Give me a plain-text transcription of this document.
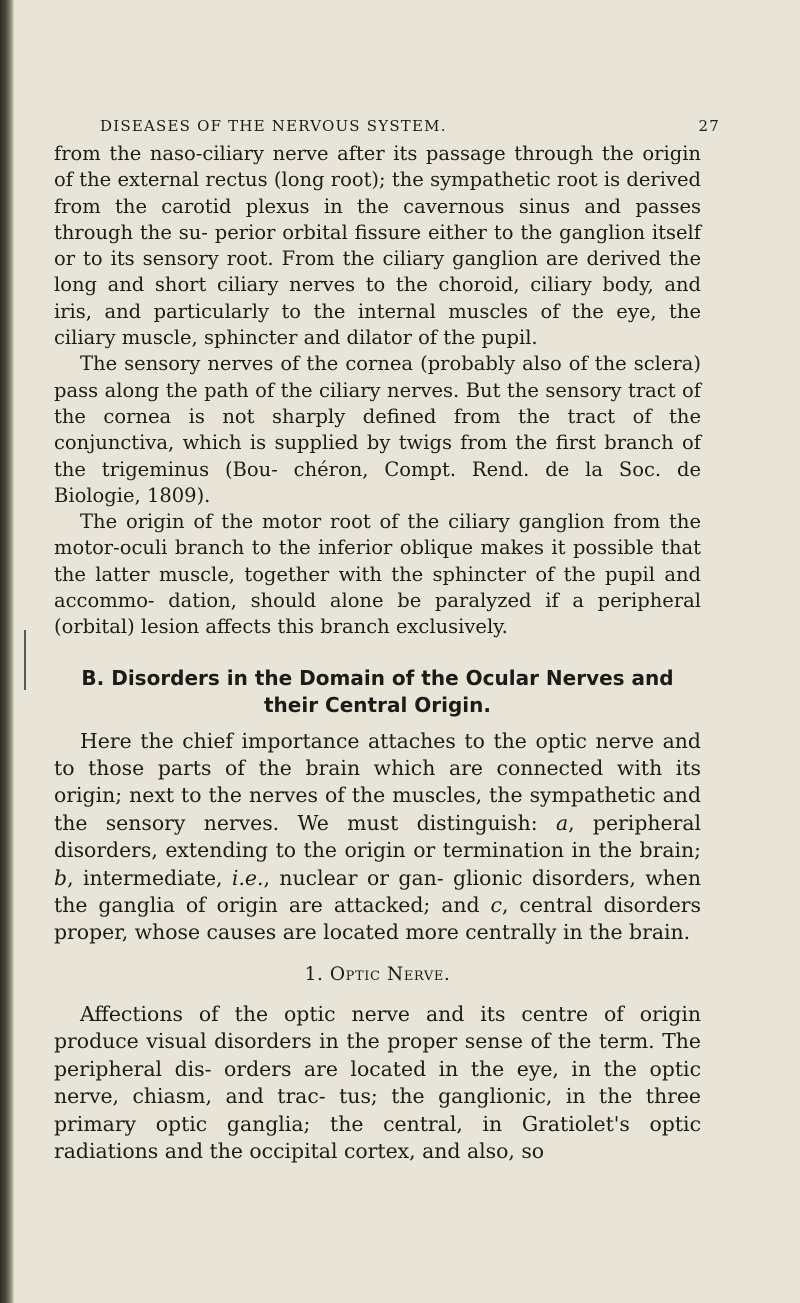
DISEASES OF THE NERVOUS SYSTEM.	27

from the naso-ciliary nerve after its passage through the origin of the external rectus (long root); the sympathetic root is derived from the carotid plexus in the cavernous sinus and passes through the su- perior orbital fissure either to the ganglion itself or to its sensory root. From the ciliary ganglion are derived the long and short ciliary nerves to the choroid, ciliary body, and iris, and particularly to the internal muscles of the eye, the ciliary muscle, sphincter and dilator of the pupil.

The sensory nerves of the cornea (probably also of the sclera) pass along the path of the ciliary nerves. But the sensory tract of the cornea is not sharply defined from the tract of the conjunctiva, which is supplied by twigs from the first branch of the trigeminus (Bou- chéron, Compt. Rend. de la Soc. de Biologie, 1809).

The origin of the motor root of the ciliary ganglion from the motor-oculi branch to the inferior oblique makes it possible that the latter muscle, together with the sphincter of the pupil and accommo- dation, should alone be paralyzed if a peripheral (orbital) lesion affects this branch exclusively.

B. Disorders in the Domain of the Ocular Nerves and
their Central Origin.

Here the chief importance attaches to the optic nerve and to those parts of the brain which are connected with its origin; next to the nerves of the muscles, the sympathetic and the sensory nerves. We must distinguish: a, peripheral disorders, extending to the origin or termination in the brain; b, intermediate, i.e., nuclear or gan- glionic disorders, when the ganglia of origin are attacked; and c, central disorders proper, whose causes are located more centrally in the brain.

1. Optic Nerve.

Affections of the optic nerve and its centre of origin produce visual disorders in the proper sense of the term. The peripheral dis- orders are located in the eye, in the optic nerve, chiasm, and trac- tus; the ganglionic, in the three primary optic ganglia; the central, in Gratiolet's optic radiations and the occipital cortex, and also, so
